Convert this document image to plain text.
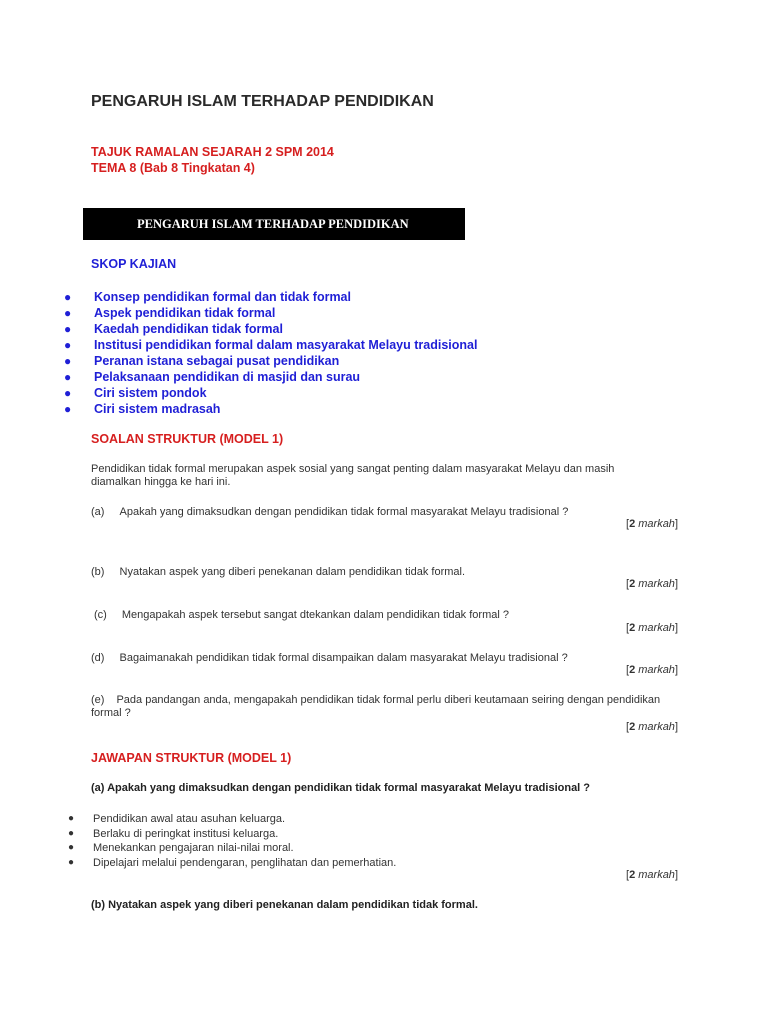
PENGARUH ISLAM TERHADAP PENDIDIKAN
TAJUK RAMALAN SEJARAH 2 SPM 2014
TEMA 8 (Bab 8 Tingkatan 4)
PENGARUH ISLAM TERHADAP PENDIDIKAN
SKOP KAJIAN
●	Konsep pendidikan formal dan tidak formal
●	Aspek pendidikan tidak formal
●	Kaedah pendidikan tidak formal
●	Institusi pendidikan formal dalam masyarakat Melayu tradisional
●	Peranan istana sebagai pusat pendidikan
●	Pelaksanaan pendidikan di masjid dan surau
●	Ciri sistem pondok
●	Ciri sistem madrasah
SOALAN STRUKTUR (MODEL 1)
Pendidikan tidak formal merupakan aspek sosial yang sangat penting dalam masyarakat Melayu dan masih
diamalkan hingga ke hari ini.
(a) Apakah yang dimaksudkan dengan pendidikan tidak formal masyarakat Melayu tradisional ?
[2 markah]
(b) Nyatakan aspek yang diberi penekanan dalam pendidikan tidak formal.
[2 markah]
(c) Mengapakah aspek tersebut sangat dtekankan dalam pendidikan tidak formal ?
[2 markah]
(d) Bagaimanakah pendidikan tidak formal disampaikan dalam masyarakat Melayu tradisional ?
[2 markah]
(e) Pada pandangan anda, mengapakah pendidikan tidak formal perlu diberi keutamaan seiring dengan pendidikan
formal ?
[2 markah]
JAWAPAN STRUKTUR (MODEL 1)
(a) Apakah yang dimaksudkan dengan pendidikan tidak formal masyarakat Melayu tradisional ?
●	Pendidikan awal atau asuhan keluarga.
●	Berlaku di peringkat institusi keluarga.
●	Menekankan pengajaran nilai-nilai moral.
●	Dipelajari melalui pendengaran, penglihatan dan pemerhatian.
[2 markah]
(b) Nyatakan aspek yang diberi penekanan dalam pendidikan tidak formal.
